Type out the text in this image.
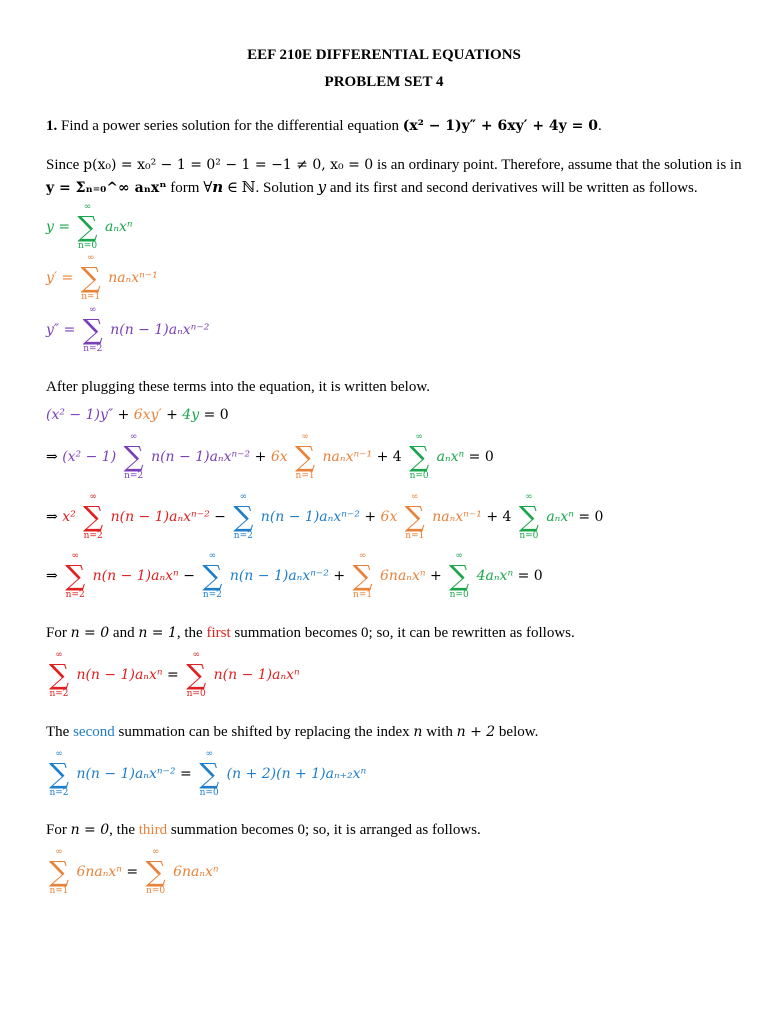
EEF 210E DIFFERENTIAL EQUATIONS
PROBLEM SET 4
1. Find a power series solution for the differential equation (x² − 1)y″ + 6xy′ + 4y = 0.
Since p(x₀) = x₀² − 1 = 0² − 1 = −1 ≠ 0, x₀ = 0 is an ordinary point. Therefore, assume that the solution is in
y = Σₙ₌₀^∞ aₙxⁿ form ∀n ∈ ℕ. Solution y and its first and second derivatives will be written as follows.
y =
∞
∑
n=0
aₙxⁿ
y′ =
∞
∑
n=1
naₙxⁿ⁻¹
y″ =
∞
∑
n=2
n(n − 1)aₙxⁿ⁻²
After plugging these terms into the equation, it is written below.
(x² − 1)y″ + 6xy′ + 4y = 0
⇒ (x² − 1)
∞
∑
n=2
n(n − 1)aₙxⁿ⁻² + 6x
∞
∑
n=1
naₙxⁿ⁻¹ + 4
∞
∑
n=0
aₙxⁿ = 0
⇒ x²
∞
∑
n=2
n(n − 1)aₙxⁿ⁻² −
∞
∑
n=2
n(n − 1)aₙxⁿ⁻² + 6x
∞
∑
n=1
naₙxⁿ⁻¹ + 4
∞
∑
n=0
aₙxⁿ = 0
⇒
∞
∑
n=2
n(n − 1)aₙxⁿ −
∞
∑
n=2
n(n − 1)aₙxⁿ⁻² +
∞
∑
n=1
6naₙxⁿ +
∞
∑
n=0
4aₙxⁿ = 0
For n = 0 and n = 1, the first summation becomes 0; so, it can be rewritten as follows.
∞
∑
n=2
n(n − 1)aₙxⁿ =
∞
∑
n=0
n(n − 1)aₙxⁿ
The second summation can be shifted by replacing the index n with n + 2 below.
∞
∑
n=2
n(n − 1)aₙxⁿ⁻² =
∞
∑
n=0
(n + 2)(n + 1)aₙ₊₂xⁿ
For n = 0, the third summation becomes 0; so, it is arranged as follows.
∞
∑
n=1
6naₙxⁿ =
∞
∑
n=0
6naₙxⁿ
